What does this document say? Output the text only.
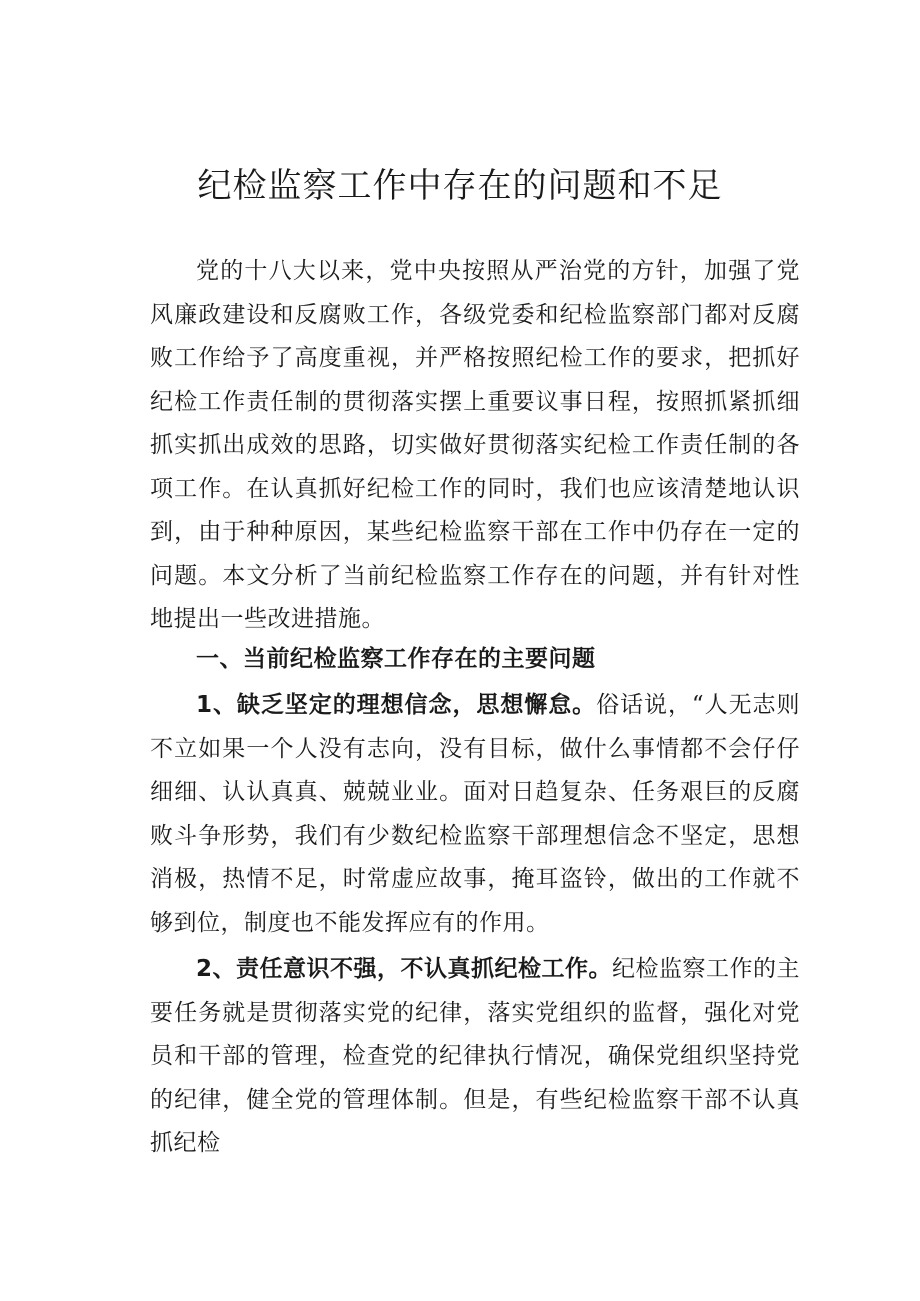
纪检监察工作中存在的问题和不足

党的十八大以来，党中央按照从严治党的方针，加强了党风廉政建设和反腐败工作，各级党委和纪检监察部门都对反腐败工作给予了高度重视，并严格按照纪检工作的要求，把抓好纪检工作责任制的贯彻落实摆上重要议事日程，按照抓紧抓细抓实抓出成效的思路，切实做好贯彻落实纪检工作责任制的各项工作。在认真抓好纪检工作的同时，我们也应该清楚地认识到，由于种种原因，某些纪检监察干部在工作中仍存在一定的问题。本文分析了当前纪检监察工作存在的问题，并有针对性地提出一些改进措施。

一、当前纪检监察工作存在的主要问题

1、缺乏坚定的理想信念，思想懈怠。俗话说，“人无志则不立如果一个人没有志向，没有目标，做什么事情都不会仔仔细细、认认真真、兢兢业业。面对日趋复杂、任务艰巨的反腐败斗争形势，我们有少数纪检监察干部理想信念不坚定，思想消极，热情不足，时常虚应故事，掩耳盗铃，做出的工作就不够到位，制度也不能发挥应有的作用。

2、责任意识不强，不认真抓纪检工作。纪检监察工作的主要任务就是贯彻落实党的纪律，落实党组织的监督，强化对党员和干部的管理，检查党的纪律执行情况，确保党组织坚持党的纪律，健全党的管理体制。但是，有些纪检监察干部不认真抓纪检
